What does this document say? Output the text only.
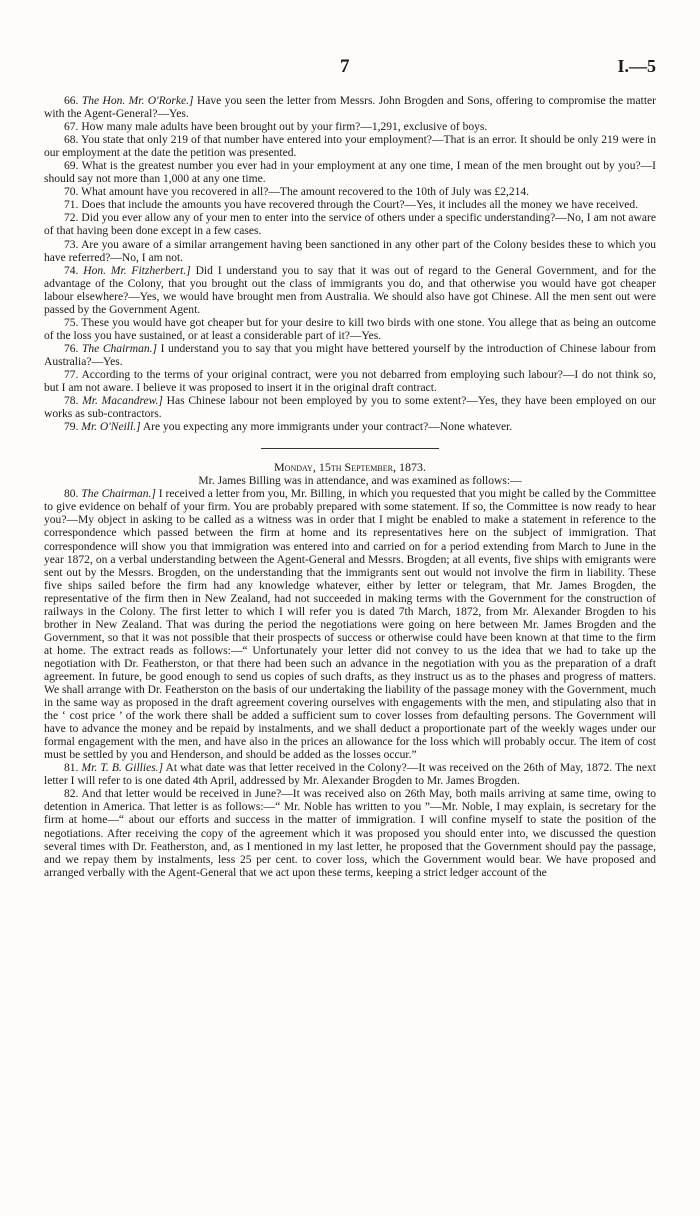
7	I.—5

66. The Hon. Mr. O'Rorke.] Have you seen the letter from Messrs. John Brogden and Sons, offering to compromise the matter with the Agent-General?—Yes.

67. How many male adults have been brought out by your firm?—1,291, exclusive of boys.

68. You state that only 219 of that number have entered into your employment?—That is an error. It should be only 219 were in our employment at the date the petition was presented.

69. What is the greatest number you ever had in your employment at any one time, I mean of the men brought out by you?—I should say not more than 1,000 at any one time.

70. What amount have you recovered in all?—The amount recovered to the 10th of July was £2,214.

71. Does that include the amounts you have recovered through the Court?—Yes, it includes all the money we have received.

72. Did you ever allow any of your men to enter into the service of others under a specific understanding?—No, I am not aware of that having been done except in a few cases.

73. Are you aware of a similar arrangement having been sanctioned in any other part of the Colony besides these to which you have referred?—No, I am not.

74. Hon. Mr. Fitzherbert.] Did I understand you to say that it was out of regard to the General Government, and for the advantage of the Colony, that you brought out the class of immigrants you do, and that otherwise you would have got cheaper labour elsewhere?—Yes, we would have brought men from Australia. We should also have got Chinese. All the men sent out were passed by the Government Agent.

75. These you would have got cheaper but for your desire to kill two birds with one stone. You allege that as being an outcome of the loss you have sustained, or at least a considerable part of it?—Yes.

76. The Chairman.] I understand you to say that you might have bettered yourself by the introduction of Chinese labour from Australia?—Yes.

77. According to the terms of your original contract, were you not debarred from employing such labour?—I do not think so, but I am not aware. I believe it was proposed to insert it in the original draft contract.

78. Mr. Macandrew.] Has Chinese labour not been employed by you to some extent?—Yes, they have been employed on our works as sub-contractors.

79. Mr. O'Neill.] Are you expecting any more immigrants under your contract?—None whatever.

Monday, 15th September, 1873.

Mr. James Billing was in attendance, and was examined as follows:—

80. The Chairman.] I received a letter from you, Mr. Billing, in which you requested that you might be called by the Committee to give evidence on behalf of your firm. You are probably prepared with some statement. If so, the Committee is now ready to hear you?—My object in asking to be called as a witness was in order that I might be enabled to make a statement in reference to the correspondence which passed between the firm at home and its representatives here on the subject of immigration. That correspondence will show you that immigration was entered into and carried on for a period extending from March to June in the year 1872, on a verbal understanding between the Agent-General and Messrs. Brogden; at all events, five ships with emigrants were sent out by the Messrs. Brogden, on the understanding that the immigrants sent out would not involve the firm in liability. These five ships sailed before the firm had any knowledge whatever, either by letter or telegram, that Mr. James Brogden, the representative of the firm then in New Zealand, had not succeeded in making terms with the Government for the construction of railways in the Colony. The first letter to which I will refer you is dated 7th March, 1872, from Mr. Alexander Brogden to his brother in New Zealand. That was during the period the negotiations were going on here between Mr. James Brogden and the Government, so that it was not possible that their prospects of success or otherwise could have been known at that time to the firm at home. The extract reads as follows:—“ Unfortunately your letter did not convey to us the idea that we had to take up the negotiation with Dr. Featherston, or that there had been such an advance in the negotiation with you as the preparation of a draft agreement. In future, be good enough to send us copies of such drafts, as they instruct us as to the phases and progress of matters. We shall arrange with Dr. Featherston on the basis of our undertaking the liability of the passage money with the Government, much in the same way as proposed in the draft agreement covering ourselves with engagements with the men, and stipulating also that in the ‘ cost price ’ of the work there shall be added a sufficient sum to cover losses from defaulting persons. The Government will have to advance the money and be repaid by instalments, and we shall deduct a proportionate part of the weekly wages under our formal engagement with the men, and have also in the prices an allowance for the loss which will probably occur. The item of cost must be settled by you and Henderson, and should be added as the losses occur.”

81. Mr. T. B. Gillies.] At what date was that letter received in the Colony?—It was received on the 26th of May, 1872. The next letter I will refer to is one dated 4th April, addressed by Mr. Alexander Brogden to Mr. James Brogden.

82. And that letter would be received in June?—It was received also on 26th May, both mails arriving at same time, owing to detention in America. That letter is as follows:—“ Mr. Noble has written to you ”—Mr. Noble, I may explain, is secretary for the firm at home—“ about our efforts and success in the matter of immigration. I will confine myself to state the position of the negotiations. After receiving the copy of the agreement which it was proposed you should enter into, we discussed the question several times with Dr. Featherston, and, as I mentioned in my last letter, he proposed that the Government should pay the passage, and we repay them by instalments, less 25 per cent. to cover loss, which the Government would bear. We have proposed and arranged verbally with the Agent-General that we act upon these terms, keeping a strict ledger account of the
